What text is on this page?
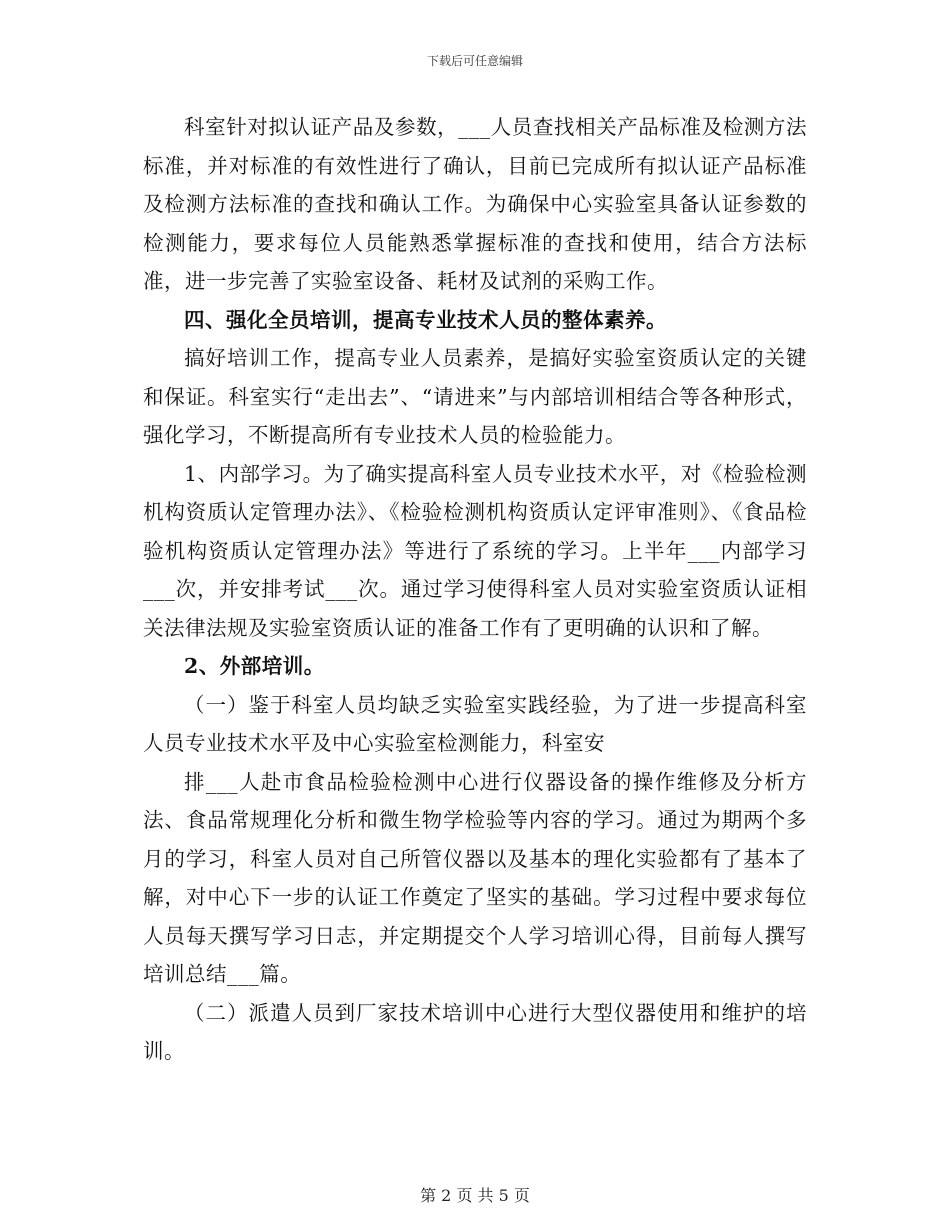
下载后可任意编辑

科室针对拟认证产品及参数，___人员查找相关产品标准及检测方法标准，并对标准的有效性进行了确认，目前已完成所有拟认证产品标准及检测方法标准的查找和确认工作。为确保中心实验室具备认证参数的检测能力，要求每位人员能熟悉掌握标准的查找和使用，结合方法标准，进一步完善了实验室设备、耗材及试剂的采购工作。

四、强化全员培训，提高专业技术人员的整体素养。

搞好培训工作，提高专业人员素养，是搞好实验室资质认定的关键和保证。科室实行“走出去”、“请进来”与内部培训相结合等各种形式，强化学习，不断提高所有专业技术人员的检验能力。

1、内部学习。为了确实提高科室人员专业技术水平，对《检验检测机构资质认定管理办法》、《检验检测机构资质认定评审准则》、《食品检验机构资质认定管理办法》等进行了系统的学习。上半年___内部学习___次，并安排考试___次。通过学习使得科室人员对实验室资质认证相关法律法规及实验室资质认证的准备工作有了更明确的认识和了解。

2、外部培训。

（一）鉴于科室人员均缺乏实验室实践经验，为了进一步提高科室人员专业技术水平及中心实验室检测能力，科室安

排___人赴市食品检验检测中心进行仪器设备的操作维修及分析方法、食品常规理化分析和微生物学检验等内容的学习。通过为期两个多月的学习，科室人员对自己所管仪器以及基本的理化实验都有了基本了解，对中心下一步的认证工作奠定了坚实的基础。学习过程中要求每位人员每天撰写学习日志，并定期提交个人学习培训心得，目前每人撰写培训总结___篇。

（二）派遣人员到厂家技术培训中心进行大型仪器使用和维护的培训。

第 2 页 共 5 页
